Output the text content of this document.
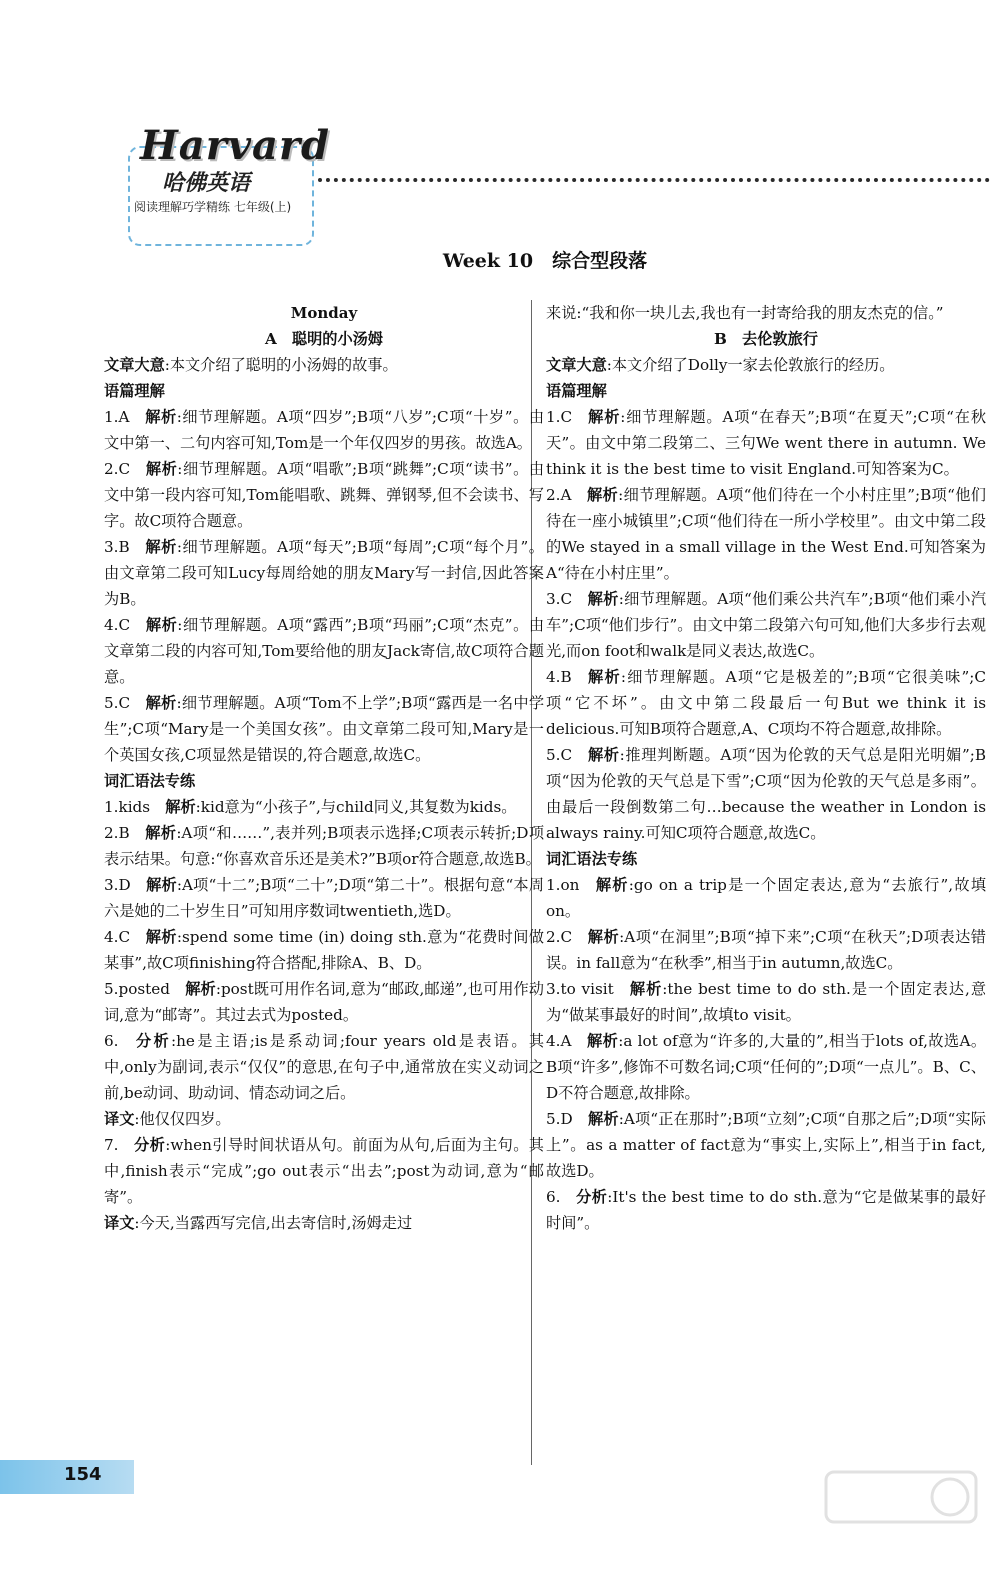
Harvard
哈佛英语
阅读理解巧学精练 七年级(上)
Week 10　综合型段落
Monday
A　聪明的小汤姆

文章大意:本文介绍了聪明的小汤姆的故事。

语篇理解

1.A 解析:细节理解题。A项“四岁”;B项“八岁”;C项“十岁”。由文中第一、二句内容可知,Tom是一个年仅四岁的男孩。故选A。

2.C 解析:细节理解题。A项“唱歌”;B项“跳舞”;C项“读书”。由文中第一段内容可知,Tom能唱歌、跳舞、弹钢琴,但不会读书、写字。故C项符合题意。

3.B 解析:细节理解题。A项“每天”;B项“每周”;C项“每个月”。由文章第二段可知Lucy每周给她的朋友Mary写一封信,因此答案为B。

4.C 解析:细节理解题。A项“露西”;B项“玛丽”;C项“杰克”。由文章第二段的内容可知,Tom要给他的朋友Jack寄信,故C项符合题意。

5.C 解析:细节理解题。A项“Tom不上学”;B项“露西是一名中学生”;C项“Mary是一个美国女孩”。由文章第二段可知,Mary是一个英国女孩,C项显然是错误的,符合题意,故选C。

词汇语法专练

1.kids 解析:kid意为“小孩子”,与child同义,其复数为kids。

2.B 解析:A项“和……”,表并列;B项表示选择;C项表示转折;D项表示结果。句意:“你喜欢音乐还是美术?”B项or符合题意,故选B。

3.D 解析:A项“十二”;B项“二十”;D项“第二十”。根据句意“本周六是她的二十岁生日”可知用序数词twentieth,选D。

4.C 解析:spend some time (in) doing sth.意为“花费时间做某事”,故C项finishing符合搭配,排除A、B、D。

5.posted 解析:post既可用作名词,意为“邮政,邮递”,也可用作动词,意为“邮寄”。其过去式为posted。

6. 分析:he是主语;is是系动词;four years old是表语。其中,only为副词,表示“仅仅”的意思,在句子中,通常放在实义动词之前,be动词、助动词、情态动词之后。

译文:他仅仅四岁。

7. 分析:when引导时间状语从句。前面为从句,后面为主句。其中,finish表示“完成”;go out表示“出去”;post为动词,意为“邮寄”。

译文:今天,当露西写完信,出去寄信时,汤姆走过

来说:“我和你一块儿去,我也有一封寄给我的朋友杰克的信。”

B　去伦敦旅行

文章大意:本文介绍了Dolly一家去伦敦旅行的经历。

语篇理解

1.C 解析:细节理解题。A项“在春天”;B项“在夏天”;C项“在秋天”。由文中第二段第二、三句We went there in autumn. We think it is the best time to visit England.可知答案为C。

2.A 解析:细节理解题。A项“他们待在一个小村庄里”;B项“他们待在一座小城镇里”;C项“他们待在一所小学校里”。由文中第二段的We stayed in a small village in the West End.可知答案为A“待在小村庄里”。

3.C 解析:细节理解题。A项“他们乘公共汽车”;B项“他们乘小汽车”;C项“他们步行”。由文中第二段第六句可知,他们大多步行去观光,而on foot和walk是同义表达,故选C。

4.B 解析:细节理解题。A项“它是极差的”;B项“它很美味”;C项“它不坏”。由文中第二段最后一句But we think it is delicious.可知B项符合题意,A、C项均不符合题意,故排除。

5.C 解析:推理判断题。A项“因为伦敦的天气总是阳光明媚”;B项“因为伦敦的天气总是下雪”;C项“因为伦敦的天气总是多雨”。由最后一段倒数第二句…because the weather in London is always rainy.可知C项符合题意,故选C。

词汇语法专练

1.on 解析:go on a trip是一个固定表达,意为“去旅行”,故填on。

2.C 解析:A项“在洞里”;B项“掉下来”;C项“在秋天”;D项表达错误。in fall意为“在秋季”,相当于in autumn,故选C。

3.to visit 解析:the best time to do sth.是一个固定表达,意为“做某事最好的时间”,故填to visit。

4.A 解析:a lot of意为“许多的,大量的”,相当于lots of,故选A。B项“许多”,修饰不可数名词;C项“任何的”;D项“一点儿”。B、C、D不符合题意,故排除。

5.D 解析:A项“正在那时”;B项“立刻”;C项“自那之后”;D项“实际上”。as a matter of fact意为“事实上,实际上”,相当于in fact,故选D。

6. 分析:It's the best time to do sth.意为“它是做某事的最好时间”。

154
